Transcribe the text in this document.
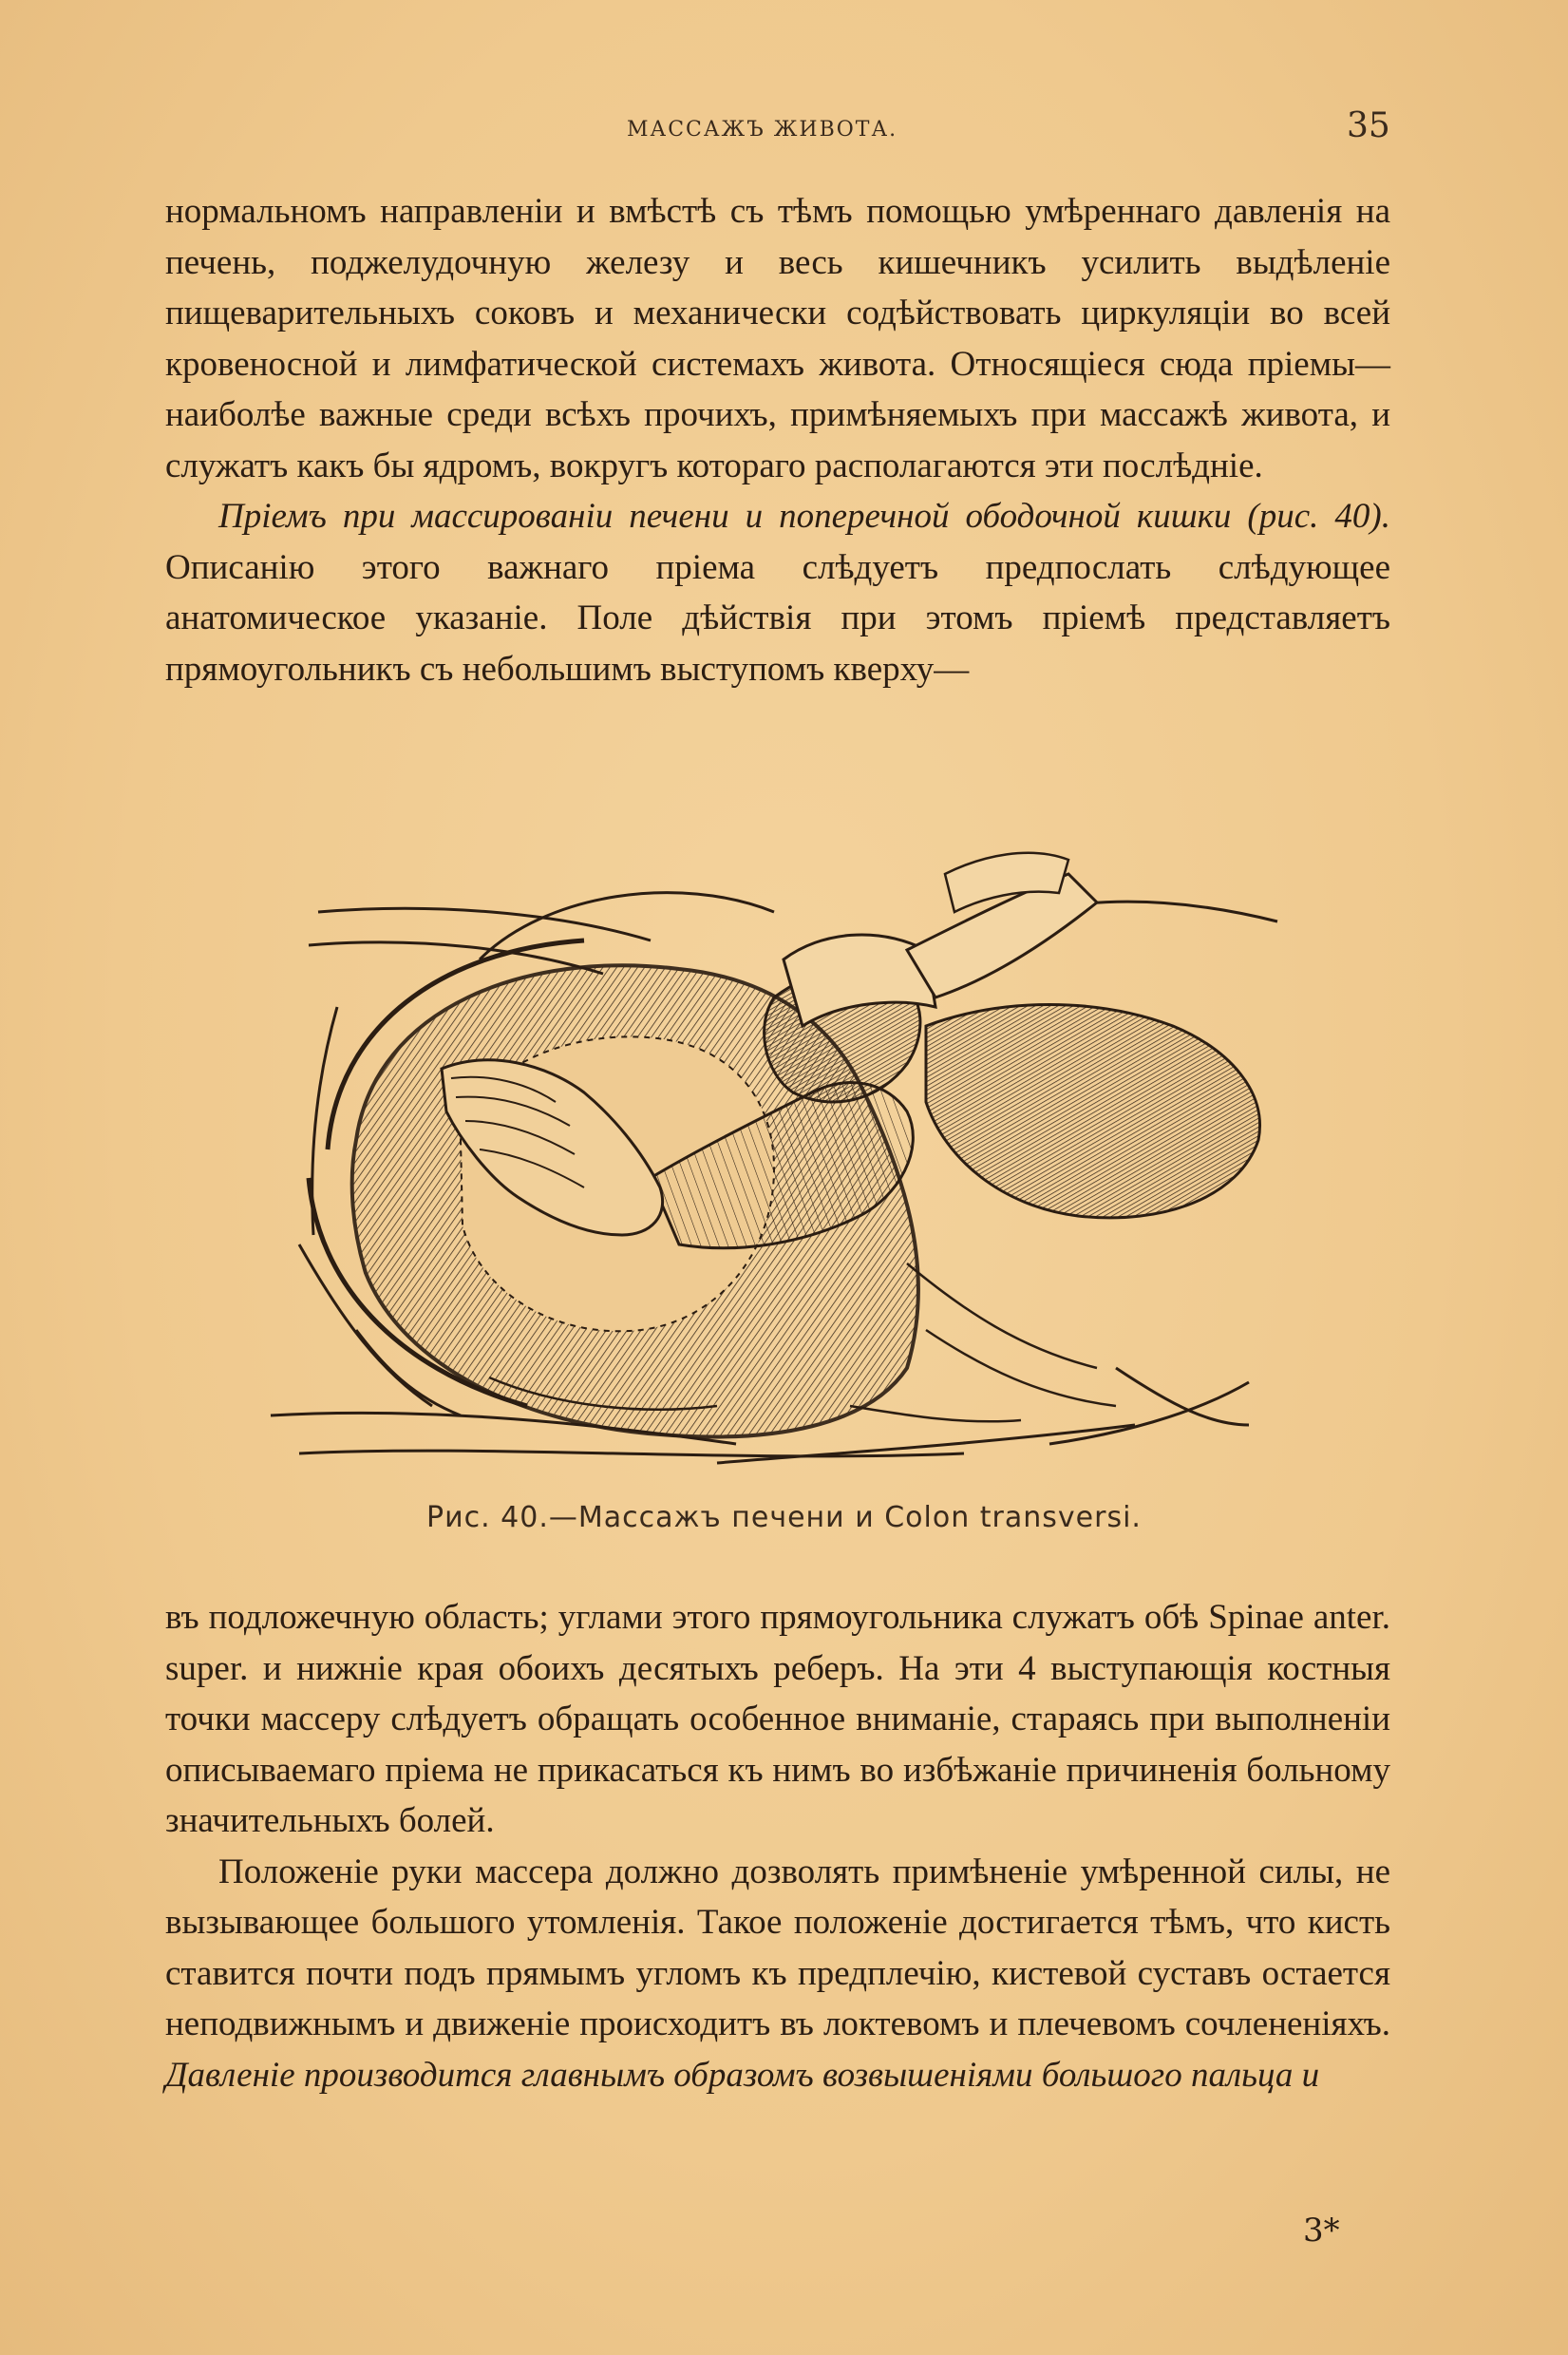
МАССАЖЪ ЖИВОТА.	35

нормальномъ направленіи и вмѣстѣ съ тѣмъ помощью умѣреннаго давленія на печень, поджелудочную железу и весь кишечникъ усилить выдѣленіе пищеварительныхъ соковъ и механически содѣйствовать циркуляціи во всей кровеносной и лимфатической системахъ живота. Относящіеся сюда пріемы—наиболѣе важные среди всѣхъ прочихъ, примѣняемыхъ при массажѣ живота, и служатъ какъ бы ядромъ, вокругъ котораго располагаются эти послѣдніе.

Пріемъ при массированіи печени и поперечной ободочной кишки (рис. 40). Описанію этого важнаго пріема слѣдуетъ предпослать слѣдующее анатомическое указаніе. Поле дѣйствія при этомъ пріемѣ представляетъ прямоугольникъ съ небольшимъ выступомъ кверху—

Рис. 40.—Массажъ печени и Colon transversi.

въ подложечную область; углами этого прямоугольника служатъ обѣ Spinae anter. super. и нижніе края обоихъ десятыхъ реберъ. На эти 4 выступающія костныя точки массеру слѣдуетъ обращать особенное вниманіе, стараясь при выполненіи описываемаго пріема не прикасаться къ нимъ во избѣжаніе причиненія больному значительныхъ болей.

Положеніе руки массера должно дозволять примѣненіе умѣренной силы, не вызывающее большого утомленія. Такое положеніе достигается тѣмъ, что кисть ставится почти подъ прямымъ угломъ къ предплечію, кистевой суставъ остается неподвижнымъ и движеніе происходитъ въ локтевомъ и плечевомъ сочлененіяхъ. Давленіе производится главнымъ образомъ возвышеніями большого пальца и

3*
